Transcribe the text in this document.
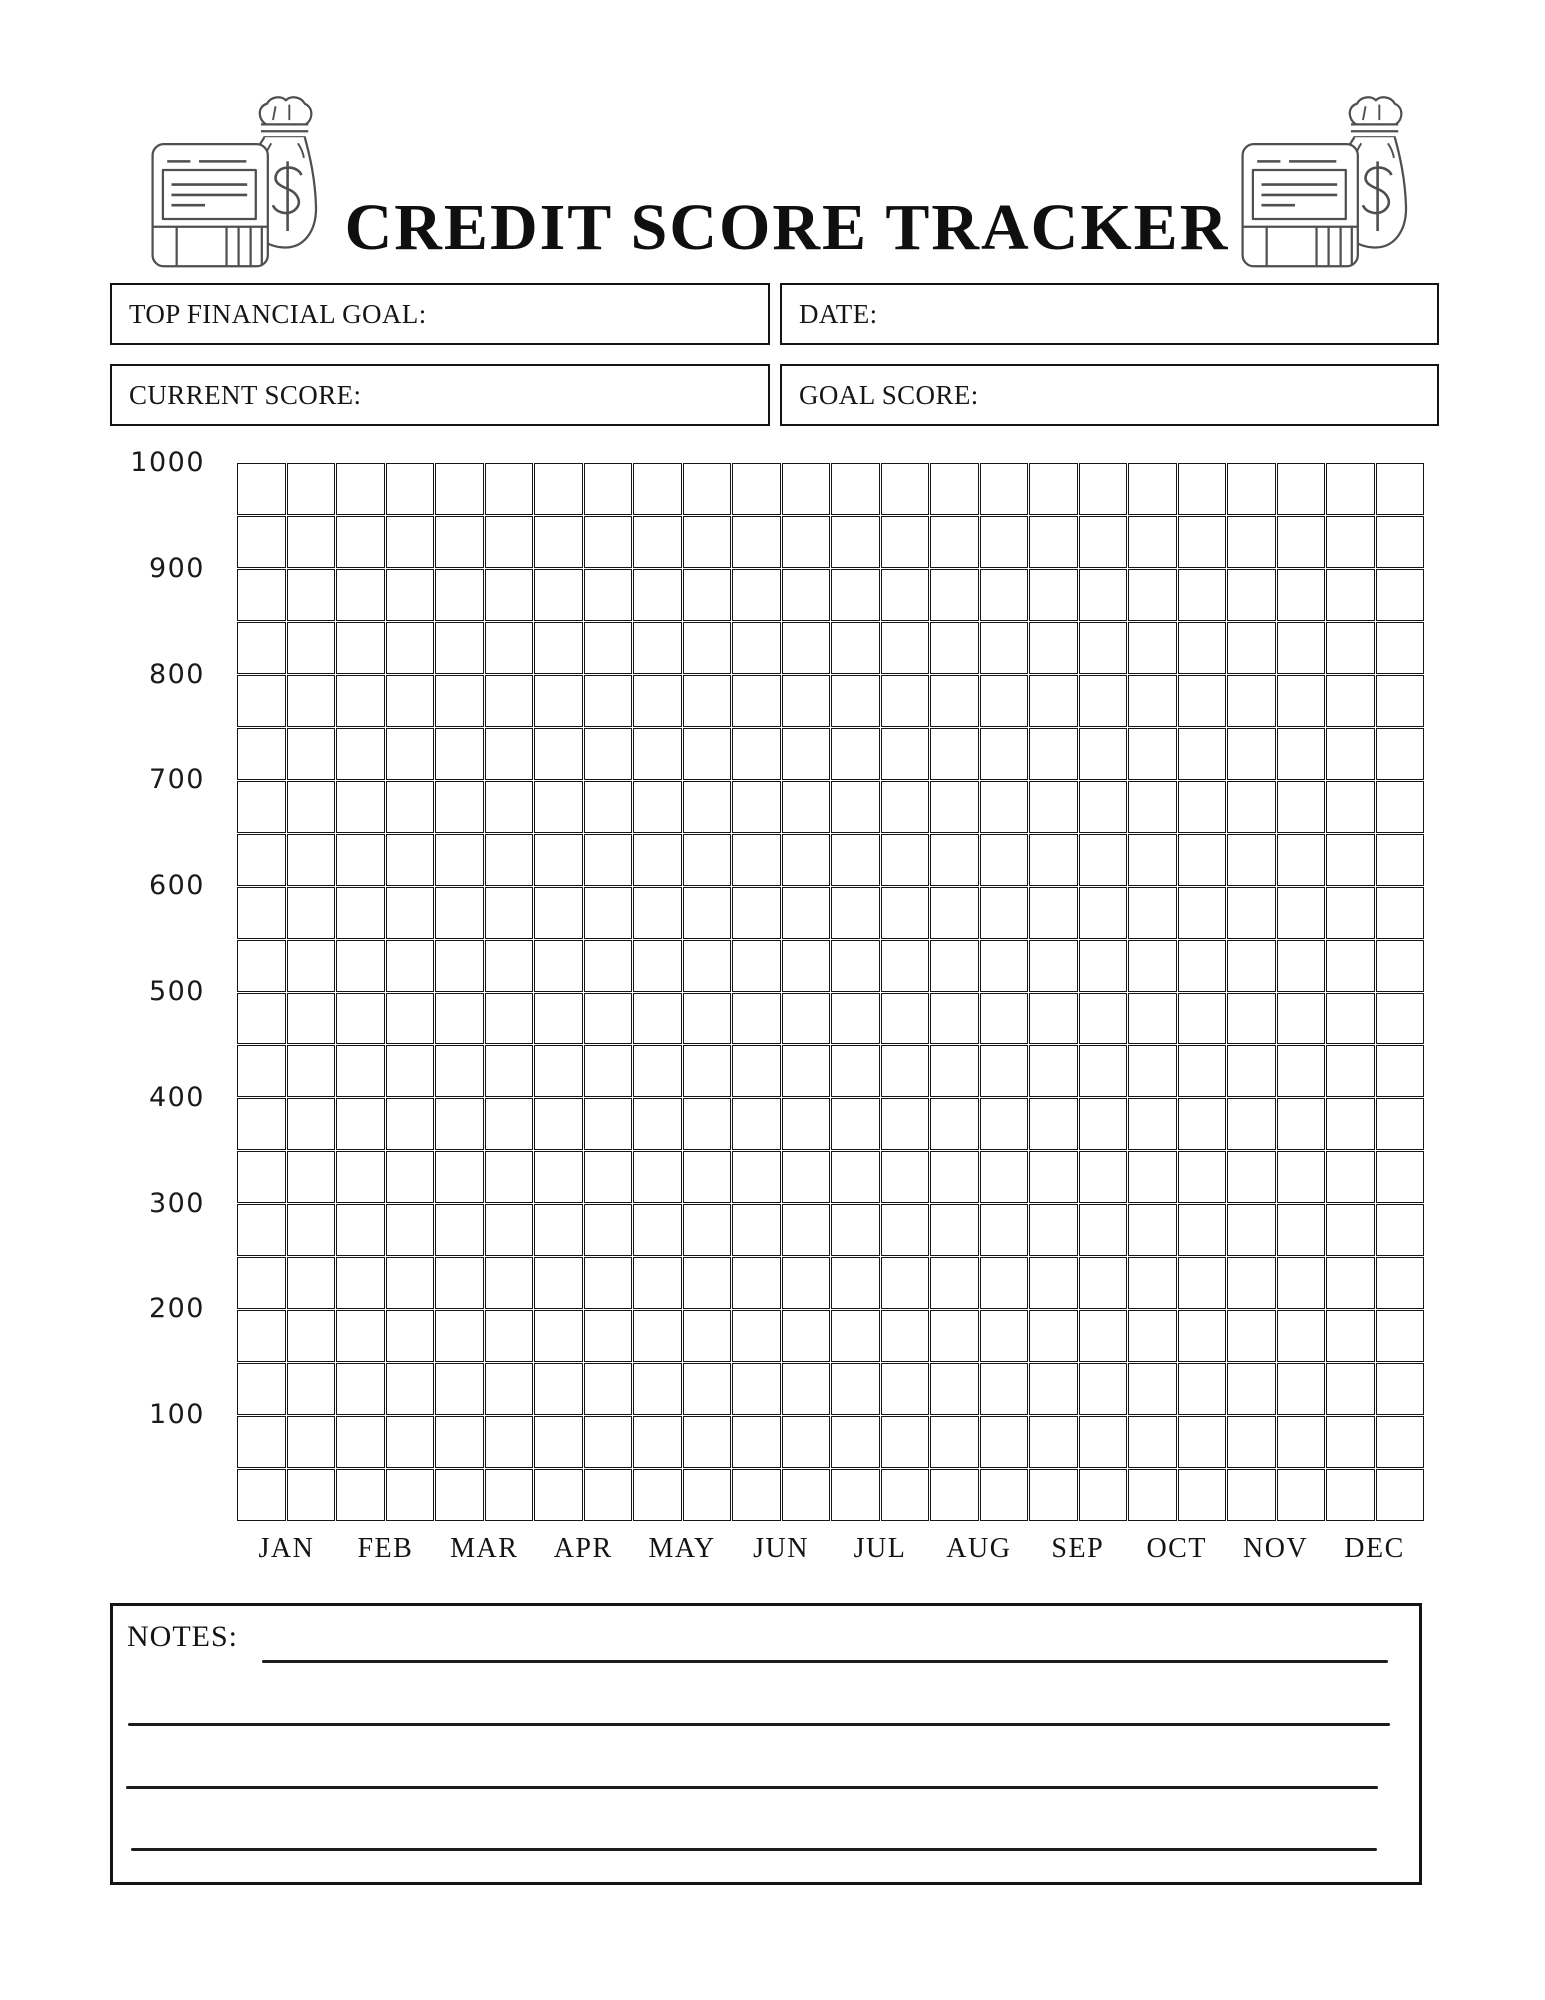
CREDIT SCORE TRACKER
TOP FINANCIAL GOAL:	DATE:
CURRENT SCORE:	GOAL SCORE:
1000
900
800
700
600
500
400
300
200
100
JAN	FEB	MAR	APR	MAY	JUN	JUL	AUG	SEP	OCT	NOV	DEC
NOTES:
